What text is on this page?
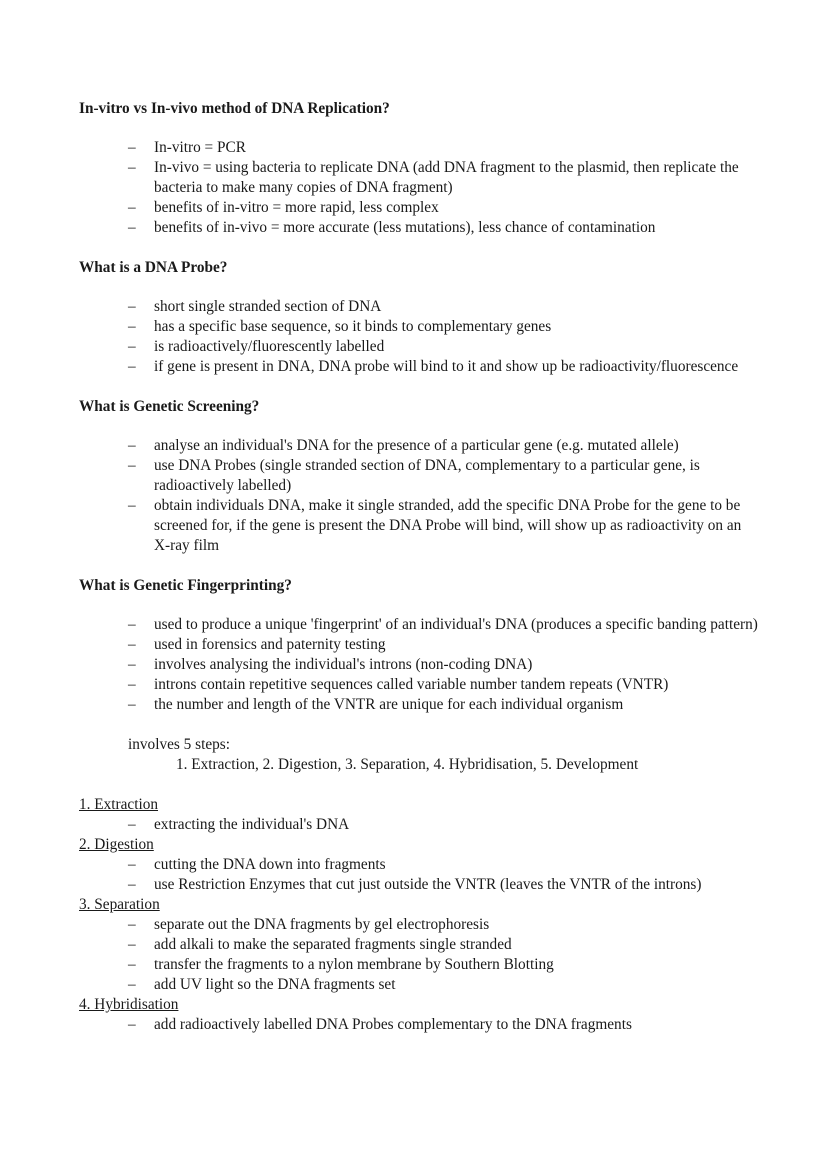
In-vitro vs In-vivo method of DNA Replication?
– In-vitro = PCR
– In-vivo = using bacteria to replicate DNA (add DNA fragment to the plasmid, then replicate the bacteria to make many copies of DNA fragment)
– benefits of in-vitro = more rapid, less complex
– benefits of in-vivo = more accurate (less mutations), less chance of contamination
What is a DNA Probe?
– short single stranded section of DNA
– has a specific base sequence, so it binds to complementary genes
– is radioactively/fluorescently labelled
– if gene is present in DNA, DNA probe will bind to it and show up be radioactivity/fluorescence
What is Genetic Screening?
– analyse an individual's DNA for the presence of a particular gene (e.g. mutated allele)
– use DNA Probes (single stranded section of DNA, complementary to a particular gene, is radioactively labelled)
– obtain individuals DNA, make it single stranded, add the specific DNA Probe for the gene to be screened for, if the gene is present the DNA Probe will bind, will show up as radioactivity on an X-ray film
What is Genetic Fingerprinting?
– used to produce a unique 'fingerprint' of an individual's DNA (produces a specific banding pattern)
– used in forensics and paternity testing
– involves analysing the individual's introns (non-coding DNA)
– introns contain repetitive sequences called variable number tandem repeats (VNTR)
– the number and length of the VNTR are unique for each individual organism
involves 5 steps:
1. Extraction, 2. Digestion, 3. Separation, 4. Hybridisation, 5. Development
1. Extraction
– extracting the individual's DNA
2. Digestion
– cutting the DNA down into fragments
– use Restriction Enzymes that cut just outside the VNTR (leaves the VNTR of the introns)
3. Separation
– separate out the DNA fragments by gel electrophoresis
– add alkali to make the separated fragments single stranded
– transfer the fragments to a nylon membrane by Southern Blotting
– add UV light so the DNA fragments set
4. Hybridisation
– add radioactively labelled DNA Probes complementary to the DNA fragments
